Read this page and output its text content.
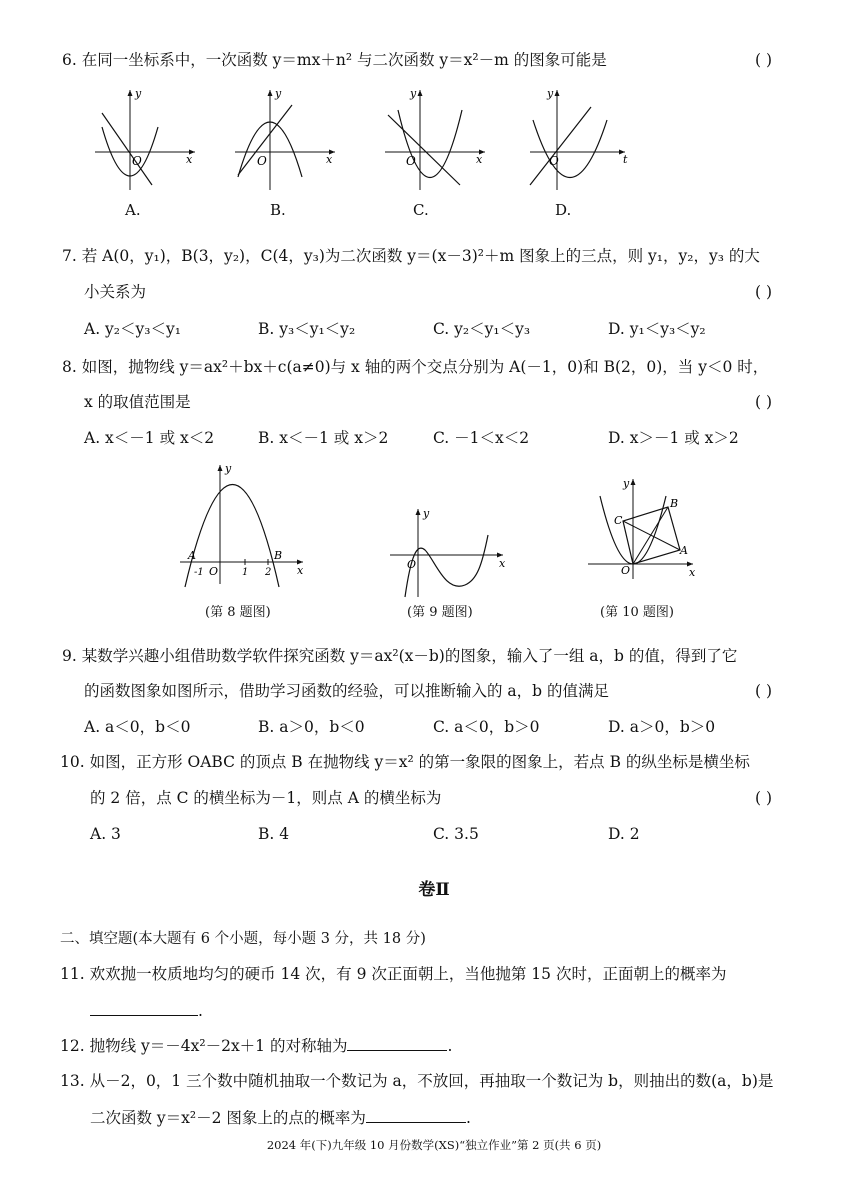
6. 在同一坐标系中，一次函数 y＝mx＋n² 与二次函数 y＝x²－m 的图象可能是	( )
y
x
O
A.
y
x
O
B.
y
x
O
C.
y
t
O
D.
7. 若 A(0，y₁)，B(3，y₂)，C(4，y₃)为二次函数 y＝(x－3)²＋m 图象上的三点，则 y₁，y₂，y₃ 的大
小关系为	( )
A. y₂＜y₃＜y₁	B. y₃＜y₁＜y₂	C. y₂＜y₁＜y₃	D. y₁＜y₃＜y₂
8. 如图，抛物线 y＝ax²＋bx＋c(a≠0)与 x 轴的两个交点分别为 A(－1，0)和 B(2，0)，当 y＜0 时，
x 的取值范围是	( )
A. x＜－1 或 x＜2	B. x＜－1 或 x＞2	C. －1＜x＜2	D. x＞－1 或 x＞2
y
x
A	B
O
-1	1 2
(第 8 题图)
y
x
O
(第 9 题图)
y
x
O
A
B
C
(第 10 题图)
9. 某数学兴趣小组借助数学软件探究函数 y＝ax²(x－b)的图象，输入了一组 a，b 的值，得到了它
的函数图象如图所示，借助学习函数的经验，可以推断输入的 a，b 的值满足	( )
A. a＜0，b＜0	B. a＞0，b＜0	C. a＜0，b＞0	D. a＞0，b＞0
10. 如图，正方形 OABC 的顶点 B 在抛物线 y＝x² 的第一象限的图象上，若点 B 的纵坐标是横坐标
的 2 倍，点 C 的横坐标为－1，则点 A 的横坐标为	( )
A. 3	B. 4	C. 3.5	D. 2
卷Ⅱ
二、填空题(本大题有 6 个小题，每小题 3 分，共 18 分)
11. 欢欢抛一枚质地均匀的硬币 14 次，有 9 次正面朝上，当他抛第 15 次时，正面朝上的概率为
.
12. 抛物线 y＝－4x²－2x＋1 的对称轴为	.
13. 从－2，0，1 三个数中随机抽取一个数记为 a，不放回，再抽取一个数记为 b，则抽出的数(a，b)是
二次函数 y＝x²－2 图象上的点的概率为	.
2024 年(下)九年级 10 月份数学(XS)“独立作业”第 2 页(共 6 页)
